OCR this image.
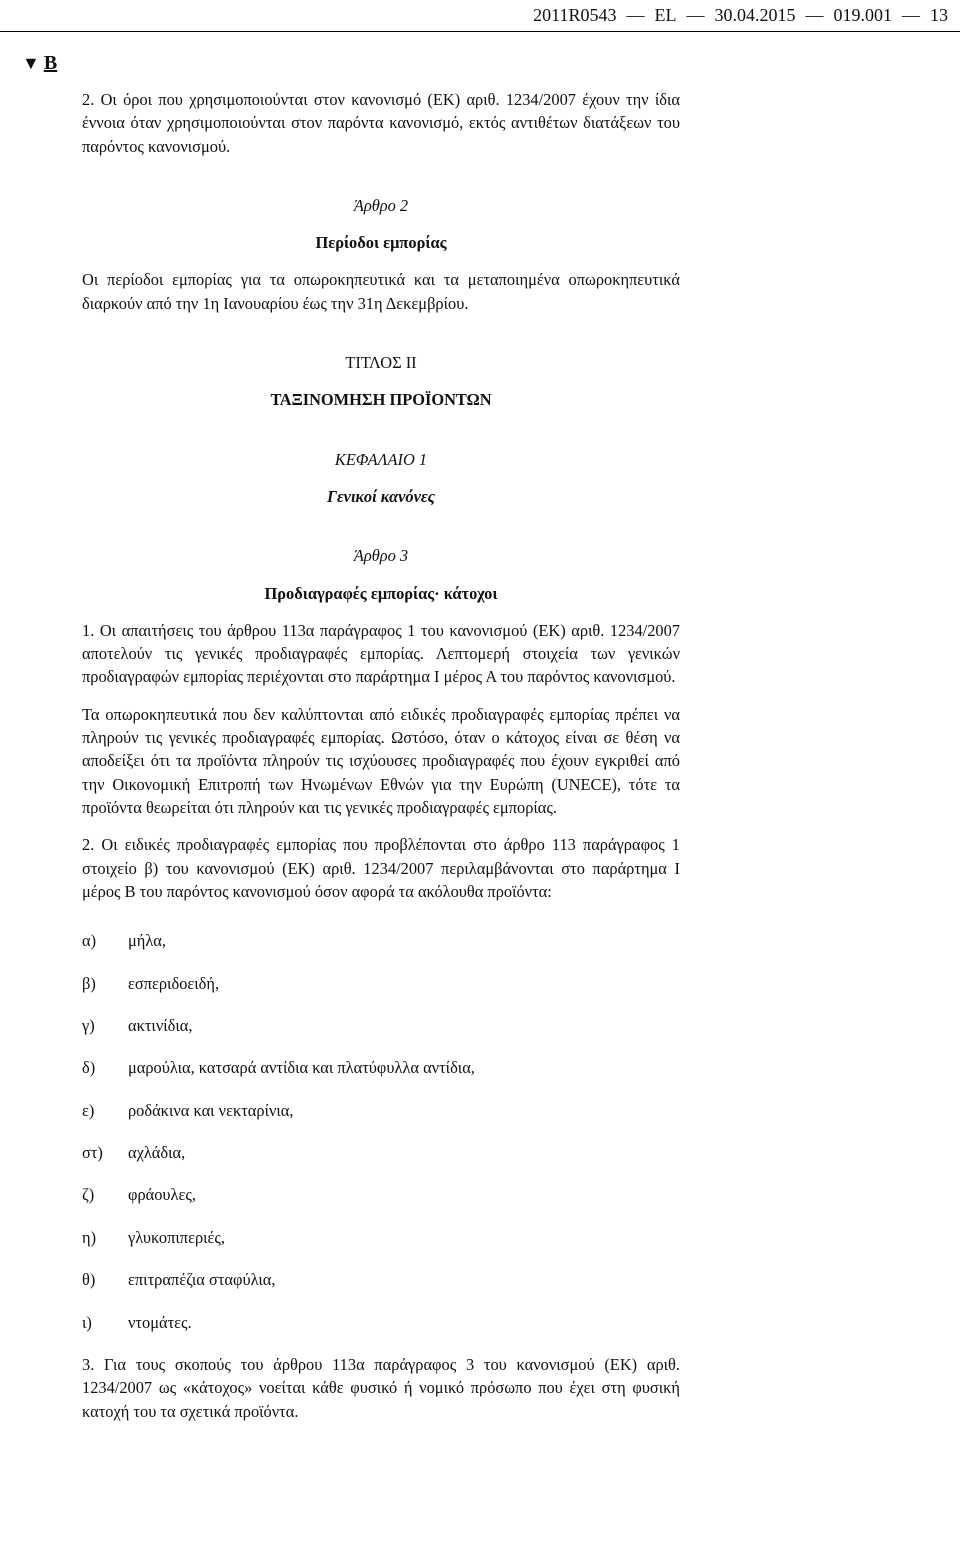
2011R0543 — EL — 30.04.2015 — 019.001 — 13
▼ B

2. Οι όροι που χρησιμοποιούνται στον κανονισμό (ΕΚ) αριθ. 1234/2007 έχουν την ίδια έννοια όταν χρησιμοποιούνται στον παρόντα κανονισμό, εκτός αντιθέτων διατάξεων του παρόντος κανονισμού.

Άρθρο 2

Περίοδοι εμπορίας

Οι περίοδοι εμπορίας για τα οπωροκηπευτικά και τα μεταποιημένα οπωροκηπευτικά διαρκούν από την 1η Ιανουαρίου έως την 31η Δεκεμβρίου.

ΤΙΤΛΟΣ II

ΤΑΞΙΝΟΜΗΣΗ ΠΡΟΪΟΝΤΩΝ

ΚΕΦΑΛΑΙΟ 1

Γενικοί κανόνες

Άρθρο 3

Προδιαγραφές εμπορίας· κάτοχοι

1. Οι απαιτήσεις του άρθρου 113α παράγραφος 1 του κανονισμού (ΕΚ) αριθ. 1234/2007 αποτελούν τις γενικές προδιαγραφές εμπορίας. Λεπτομερή στοιχεία των γενικών προδιαγραφών εμπορίας περιέχονται στο παράρτημα I μέρος Α του παρόντος κανονισμού.

Τα οπωροκηπευτικά που δεν καλύπτονται από ειδικές προδιαγραφές εμπορίας πρέπει να πληρούν τις γενικές προδιαγραφές εμπορίας. Ωστόσο, όταν ο κάτοχος είναι σε θέση να αποδείξει ότι τα προϊόντα πληρούν τις ισχύουσες προδιαγραφές που έχουν εγκριθεί από την Οικονομική Επιτροπή των Ηνωμένων Εθνών για την Ευρώπη (UNECE), τότε τα προϊόντα θεωρείται ότι πληρούν και τις γενικές προδιαγραφές εμπορίας.

2. Οι ειδικές προδιαγραφές εμπορίας που προβλέπονται στο άρθρο 113 παράγραφος 1 στοιχείο β) του κανονισμού (ΕΚ) αριθ. 1234/2007 περιλαμβάνονται στο παράρτημα I μέρος Β του παρόντος κανονισμού όσον αφορά τα ακόλουθα προϊόντα:

α)	μήλα,
β)	εσπεριδοειδή,
γ)	ακτινίδια,
δ)	μαρούλια, κατσαρά αντίδια και πλατύφυλλα αντίδια,
ε)	ροδάκινα και νεκταρίνια,
στ)	αχλάδια,
ζ)	φράουλες,
η)	γλυκοπιπεριές,
θ)	επιτραπέζια σταφύλια,
ι)	ντομάτες.

3. Για τους σκοπούς του άρθρου 113α παράγραφος 3 του κανονισμού (ΕΚ) αριθ. 1234/2007 ως «κάτοχος» νοείται κάθε φυσικό ή νομικό πρόσωπο που έχει στη φυσική κατοχή του τα σχετικά προϊόντα.
